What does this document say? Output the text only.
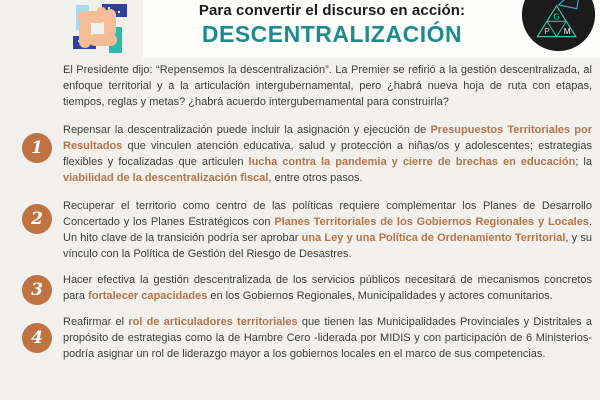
Para convertir el discurso en acción:

DESCENTRALIZACIÓN	P
G
M

El Presidente dijo: “Repensemos la descentralización”. La Premier se refirió a la gestión descentralizada, al enfoque territorial y a la articulación intergubernamental, pero ¿habrá nueva hoja de ruta con etapas, tiempos, reglas y metas? ¿habrá acuerdo intergubernamental para construirla?

1

Repensar la descentralización puede incluir la asignación y ejecución de Presupuestos Territoriales por Resultados que vinculen atención educativa, salud y protección a niñas/os y adolescentes; estrategias flexibles y focalizadas que articulen lucha contra la pandemia y cierre de brechas en educación; la viabilidad de la descentralización fiscal, entre otros pasos.

2

Recuperar el territorio como centro de las políticas requiere complementar los Planes de Desarrollo Concertado y los Planes Estratégicos con Planes Territoriales de los Gobiernos Regionales y Locales. Un hito clave de la transición podría ser aprobar una Ley y una Política de Ordenamiento Territorial, y su vínculo con la Política de Gestión del Riesgo de Desastres.

3	Hacer efectiva la gestión descentralizada de los servicios públicos necesitará de mecanismos concretos para fortalecer capacidades en los Gobiernos Regionales, Municipalidades y actores comunitarios.

4

Reafirmar el rol de articuladores territoriales que tienen las Municipalidades Provinciales y Distritales a propósito de estrategias como la de Hambre Cero -liderada por MIDIS y con participación de 6 Ministerios- podría asignar un rol de liderazgo mayor a los gobiernos locales en el marco de sus competencias.
